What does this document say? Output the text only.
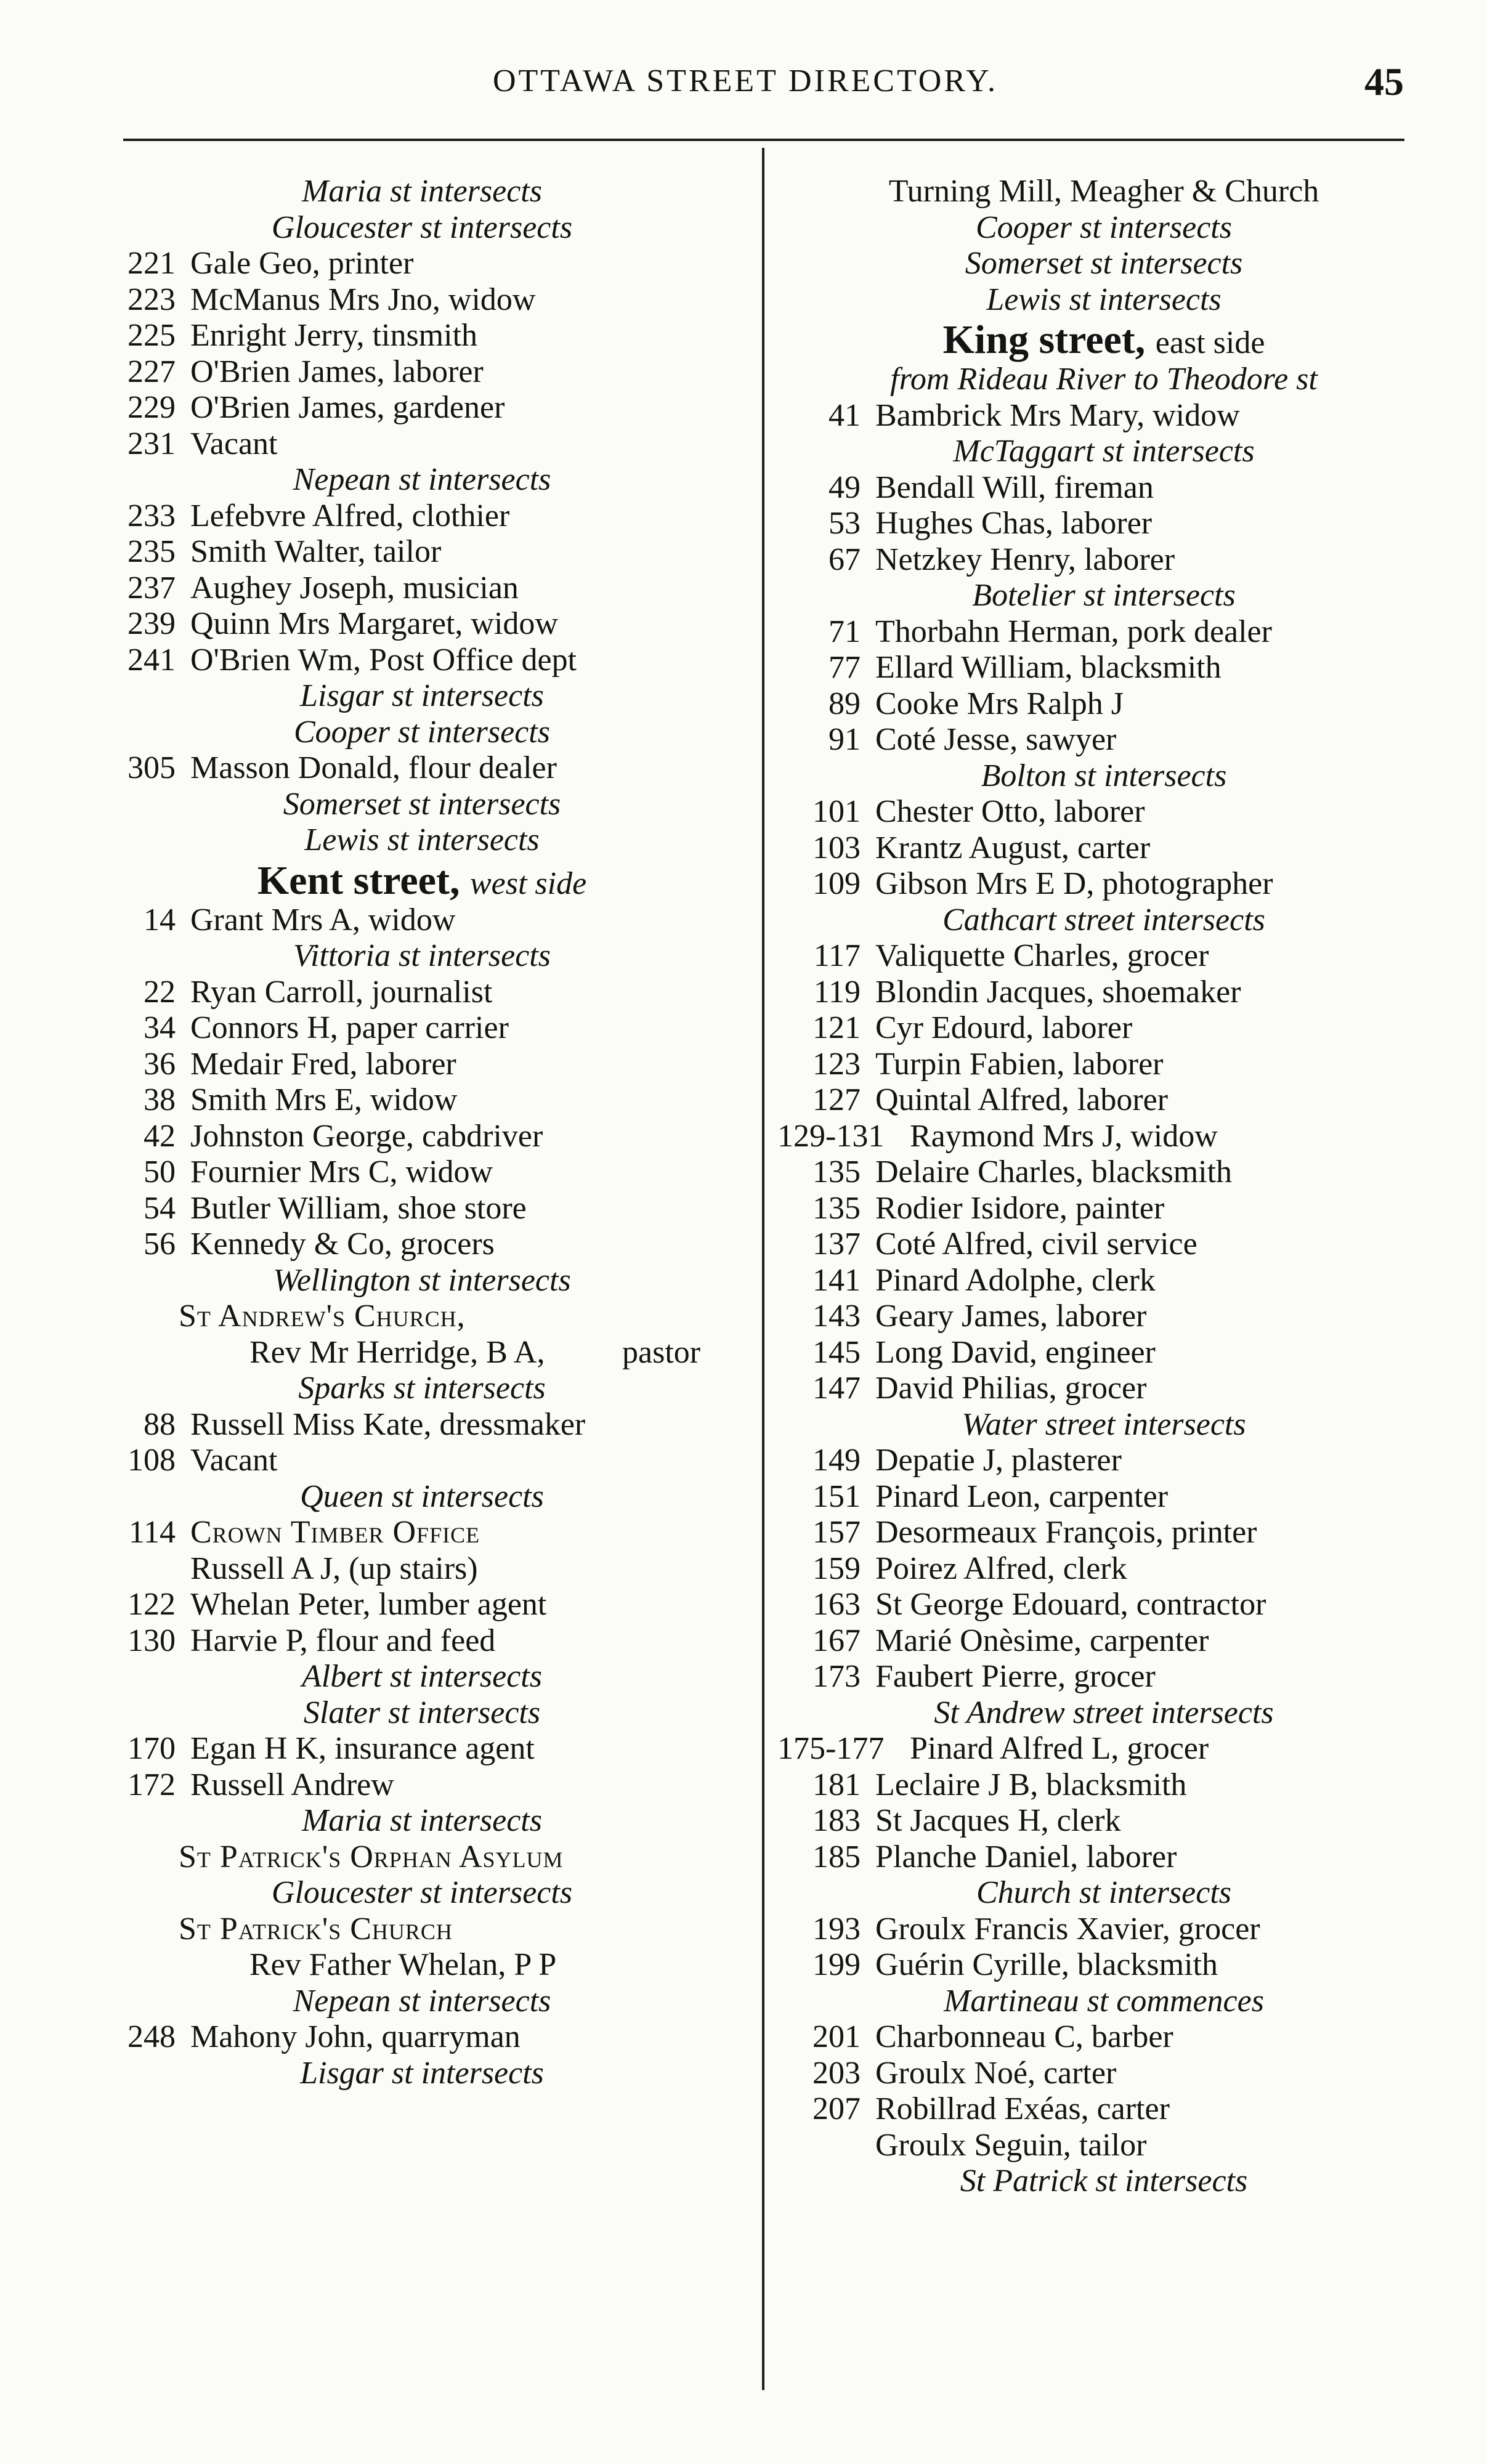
OTTAWA STREET DIRECTORY.	45
Maria st intersects
Gloucester st intersects
221 Gale Geo, printer
223 McManus Mrs Jno, widow
225 Enright Jerry, tinsmith
227 O'Brien James, laborer
229 O'Brien James, gardener
231 Vacant
Nepean st intersects
233 Lefebvre Alfred, clothier
235 Smith Walter, tailor
237 Aughey Joseph, musician
239 Quinn Mrs Margaret, widow
241 O'Brien Wm, Post Office dept
Lisgar st intersects
Cooper st intersects
305 Masson Donald, flour dealer
Somerset st intersects
Lewis st intersects
Kent street, west side
14 Grant Mrs A, widow
Vittoria st intersects
22 Ryan Carroll, journalist
34 Connors H, paper carrier
36 Medair Fred, laborer
38 Smith Mrs E, widow
42 Johnston George, cabdriver
50 Fournier Mrs C, widow
54 Butler William, shoe store
56 Kennedy & Co, grocers
Wellington st intersects
St Andrew's Church,
Rev Mr Herridge, B A, pastor
Sparks st intersects
88 Russell Miss Kate, dressmaker
108 Vacant
Queen st intersects
114 Crown Timber Office
Russell A J, (up stairs)
122 Whelan Peter, lumber agent
130 Harvie P, flour and feed
Albert st intersects
Slater st intersects
170 Egan H K, insurance agent
172 Russell Andrew
Maria st intersects
St Patrick's Orphan Asylum
Gloucester st intersects
St Patrick's Church
Rev Father Whelan, P P
Nepean st intersects
248 Mahony John, quarryman
Lisgar st intersects
Turning Mill, Meagher & Church
Cooper st intersects
Somerset st intersects
Lewis st intersects
King street, east side
from Rideau River to Theodore st
41 Bambrick Mrs Mary, widow
McTaggart st intersects
49 Bendall Will, fireman
53 Hughes Chas, laborer
67 Netzkey Henry, laborer
Botelier st intersects
71 Thorbahn Herman, pork dealer
77 Ellard William, blacksmith
89 Cooke Mrs Ralph J
91 Coté Jesse, sawyer
Bolton st intersects
101 Chester Otto, laborer
103 Krantz August, carter
109 Gibson Mrs E D, photographer
Cathcart street intersects
117 Valiquette Charles, grocer
119 Blondin Jacques, shoemaker
121 Cyr Edourd, laborer
123 Turpin Fabien, laborer
127 Quintal Alfred, laborer
129-131 Raymond Mrs J, widow
135 Delaire Charles, blacksmith
135 Rodier Isidore, painter
137 Coté Alfred, civil service
141 Pinard Adolphe, clerk
143 Geary James, laborer
145 Long David, engineer
147 David Philias, grocer
Water street intersects
149 Depatie J, plasterer
151 Pinard Leon, carpenter
157 Desormeaux François, printer
159 Poirez Alfred, clerk
163 St George Edouard, contractor
167 Marié Onèsime, carpenter
173 Faubert Pierre, grocer
St Andrew street intersects
175-177 Pinard Alfred L, grocer
181 Leclaire J B, blacksmith
183 St Jacques H, clerk
185 Planche Daniel, laborer
Church st intersects
193 Groulx Francis Xavier, grocer
199 Guérin Cyrille, blacksmith
Martineau st commences
201 Charbonneau C, barber
203 Groulx Noé, carter
207 Robillrad Exéas, carter
Groulx Seguin, tailor
St Patrick st intersects
